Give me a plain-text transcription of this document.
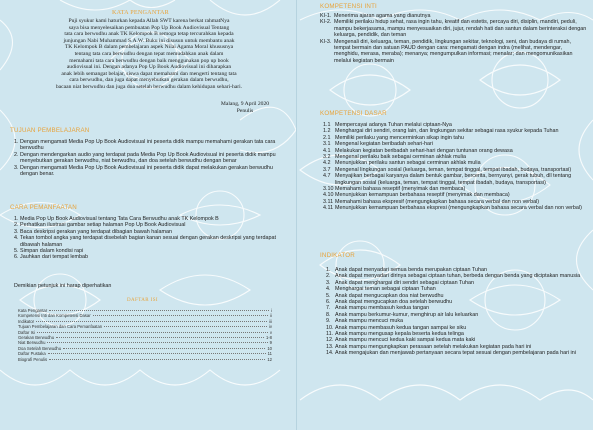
KATA PENGANTAR
Puji syukur kami haturkan kepada Allah SWT karena berkat rahmatNya
saya bisa menyelesaikan pembuatan Pop Up Book Audiovisual Tentang
tata cara berwudhu anak TK Kelompok B semoga tetap tercurahkan kepada
junjungan Nabi Muhammad S.A.W. Buku ini disusun untuk membantu anak
TK Kelompok B dalam pembelajaran aspek Nilai Agama Moral khususnya
tentang tata cara berwudhu dengan tepat memudahkan anak dalam
memahami tata cara berwudhu dengan baik menggunakan pop up book
audiovisual ini. Dengan adanya Pop Up Book Audiovisual ini diharapkan
anak lebih semangat belajar, siswa dapat memahami dan mengerti tentang tata
cara berwudhu, dan juga dapat menyebutkan gerakan dalam berwudhu,
bacaan niat berwudhu dan juga doa setelah berwudhu dalam kehidupan sehari-hari.
Malang, 9 April 2020
Penulis
TUJUAN PEMBELAJARAN
1. Dengan mengamati Media Pop Up Book Audiovisual ini peserta didik mampu memahami gerakan tata cara berwudhu
2. Dengan mendengarkan audio yang terdapat pada Media Pop Up Book Audiovisual ini peserta didik mampu menyebutkan gerakan berwudhu, niat berwudhu, dan doa setelah berwudhu dengan benar
3. Dengan mengamati Media Pop Up Book Audiovisual ini peserta didik dapat melakukan gerakan berwudhu dengan benar.
CARA PEMANFAATAN
1. Media Pop Up Book Audiovisual tentang Tata Cara Berwudhu anak TK Kelompok B
2. Perhatikan ilustrasi gambar setiap halaman Pop Up Book Audiovisual
3. Baca deskripsi gerakan yang terdapat dibagian bawah halaman
4. Tekan tombol angka yang terdapat disebelah bagian kanan sesuai dengan gerakan deskripsi yang terdapat dibawah halaman
5. Simpan dalam kondisi rapi
6. Jauhkan dari tempat lembab
Demikian petunjuk ini harap diperhatikan
DAFTAR ISI
Kata Pengantar	i
Kompetensi Inti dan Kompetensi Dasar	ii
Indikator	iii
Tujuan Pembelajaran dan Cara Pemanfaatan	iv
Daftar Isi	v
Gerakan Berwudhu	1-8
Niat Berwudhu	9
Doa Setelah Berwudhu	10
Daftar Pustaka	11
Biografi Penulis	12
KOMPETENSI INTI
KI-1. Menerima ajaran agama yang dianutnya
KI-2. Memiliki perilaku hidup sehat, rasa ingin tahu, kreatif dan estetis, percaya diri, disiplin, mandiri, peduli, mampu bekerjasama, mampu menyesuaikan diri, jujur, rendah hati dan santun dalam berinteraksi dengan keluarga, pendidik, dan teman
KI-3. Mengenali diri, keluarga, teman, pendidik, lingkungan sekitar, teknologi, seni, dan budaya di rumah, tempat bermain dan satuan PAUD dengan cara: mengamati dengan indra (melihat, mendengar, menghidu, merasa, meraba); menanya; mengumpulkan informasi; menalar; dan mengomunikasikan melalui kegiatan bermain
KOMPETENSI DASAR
1.1 Mempercayai adanya Tuhan melalui ciptaan-Nya
1.2 Menghargai diri sendiri, orang lain, dan lingkungan sekitar sebagai rasa syukur kepada Tuhan
2.1 Memiliki perilaku yang mencerminkan sikap ingin tahu
3.1 Mengenal kegiatan beribadah sehari-hari
4.1 Melakukan kegiatan beribadah sehari-hari dengan tuntunan orang dewasa
3.2 Mengenal perilaku baik sebagai cerminan akhlak mulia
4.2 Menunjukkan perilaku santun sebagai cerminan akhlak mulia
3.7 Mengenal lingkungan sosial (keluarga, teman, tempat tinggal, tempat ibadah, budaya, transportasi)
4.7 Menyajikan berbagai karyanya dalam bentuk gambar, bercerita, bernyanyi, gerak tubuh, dll tentang lingkungan sosial (keluarga, teman, tempat tinggal, tempat ibadah, budaya, transportasi)
3.10 Memahami bahasa reseptif (menyimak dan membaca)
4.10 Menunjukkan kemampuan berbahasa reseptif (menyimak dan membaca)
3.11 Memahami bahasa ekspresif (mengungkapkan bahasa secara verbal dan non verbal)
4.11 Menunjukkan kemampuan berbahasa ekspresi (mengungkapkan bahasa secara verbal dan non verbal)
INDIKATOR
1. Anak dapat menyadari semua benda merupakan ciptaan Tuhan
2. Anak dapat menyadari dirinya sebagai ciptaan tuhan, berbeda dengan benda yang diciptakan manusia
3. Anak dapat menghargai diri sendiri sebagai ciptaan Tuhan
4. Menghargai teman sebagai ciptaan Tuhan
5. Anak dapat mengucapkan doa niat berwudhu
6. Anak dapat mengucapkan doa setelah berwudhu
7. Anak mampu membasuh kedua tangan
8. Anak mampu berkumur-kumur, menghirup air lalu keluarkan
9. Anak mampu mencuci muka
10. Anak mampu membasuh kedua tangan sampai ke siku
11. Anak mampu mengusap kepala beserta kedua telinga
12. Anak mampu mencuci kedua kaki sampai kedua mata kaki
13. Anak mampu mengungkapkan perasaan setelah melakukan kegiatan pada hari ini
14. Anak mengajukan dan menjawab pertanyaan secara tepat sesuai dengan pembelajaran pada hari ini
